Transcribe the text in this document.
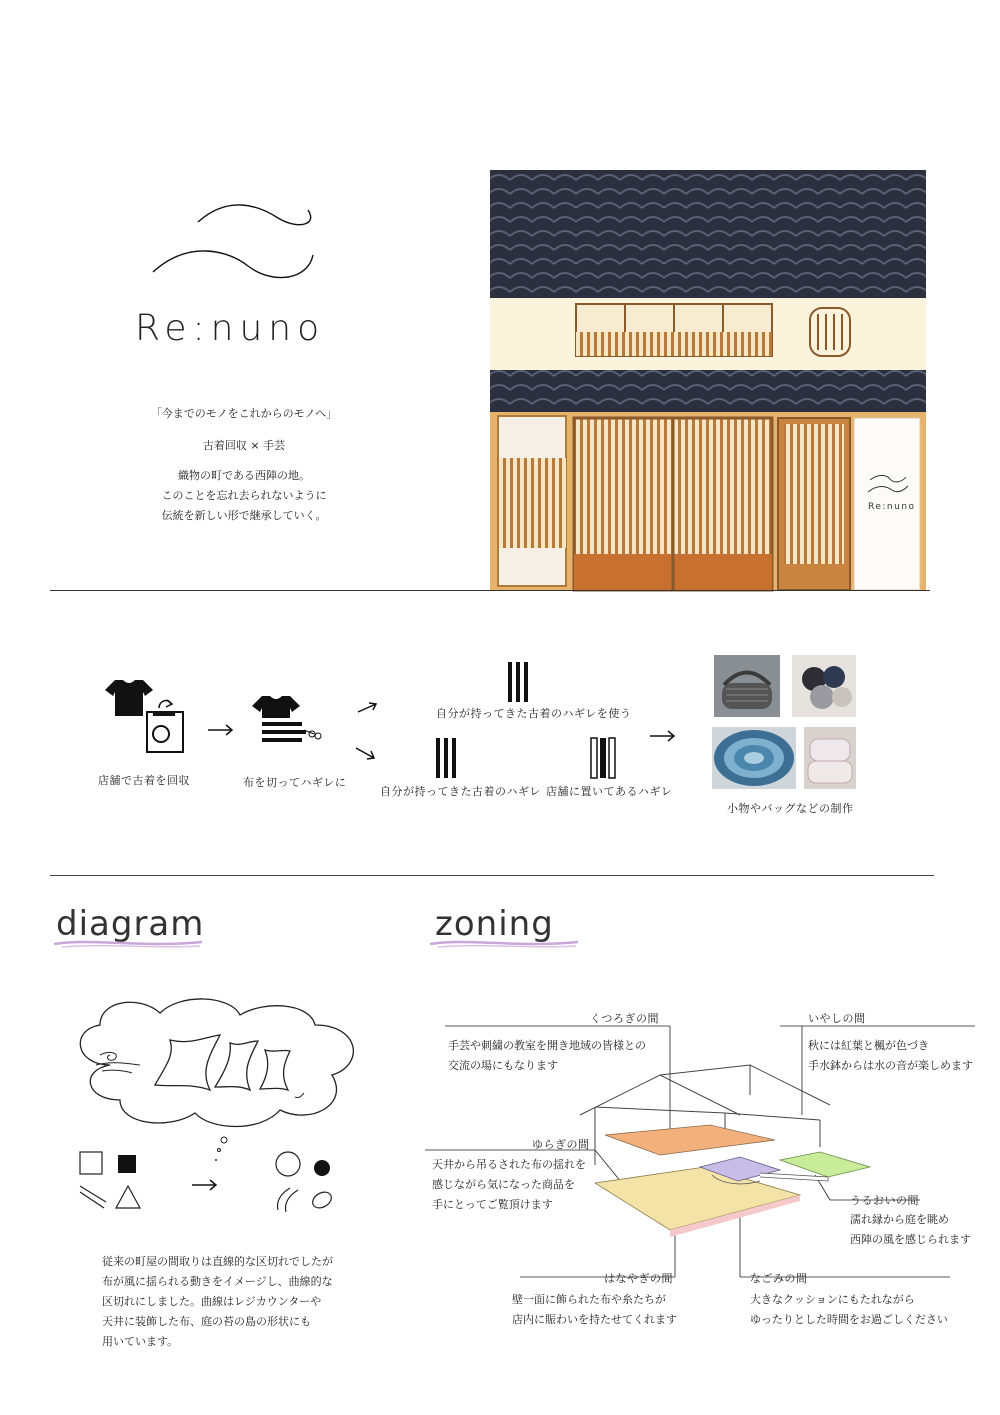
Re:nuno
「今までのモノをこれからのモノへ」
古着回収 × 手芸
織物の町である西陣の地。
このことを忘れ去られないように
伝統を新しい形で継承していく。
Re:nuno
店舗で古着を回収	布を切ってハギレに
自分が持ってきた古着のハギレを使う
自分が持ってきた古着のハギレ 店舗に置いてあるハギレ
小物やバッグなどの制作
diagram	zoning
従来の町屋の間取りは直線的な区切れでしたが
布が風に揺られる動きをイメージし、曲線的な
区切れにしました。曲線はレジカウンターや
天井に装飾した布、庭の苔の島の形状にも
用いています。
くつろぎの間
手芸や刺繍の教室を開き地域の皆様との
交流の場にもなります
いやしの間
秋には紅葉と楓が色づき
手水鉢からは水の音が楽しめます
ゆらぎの間
天井から吊るされた布の揺れを
感じながら気になった商品を
手にとってご覧頂けます	うるおいの間
濡れ縁から庭を眺め
西陣の風を感じられます
はなやぎの間
壁一面に飾られた布や糸たちが
店内に賑わいを持たせてくれます
なごみの間
大きなクッションにもたれながら
ゆったりとした時間をお過ごしください
